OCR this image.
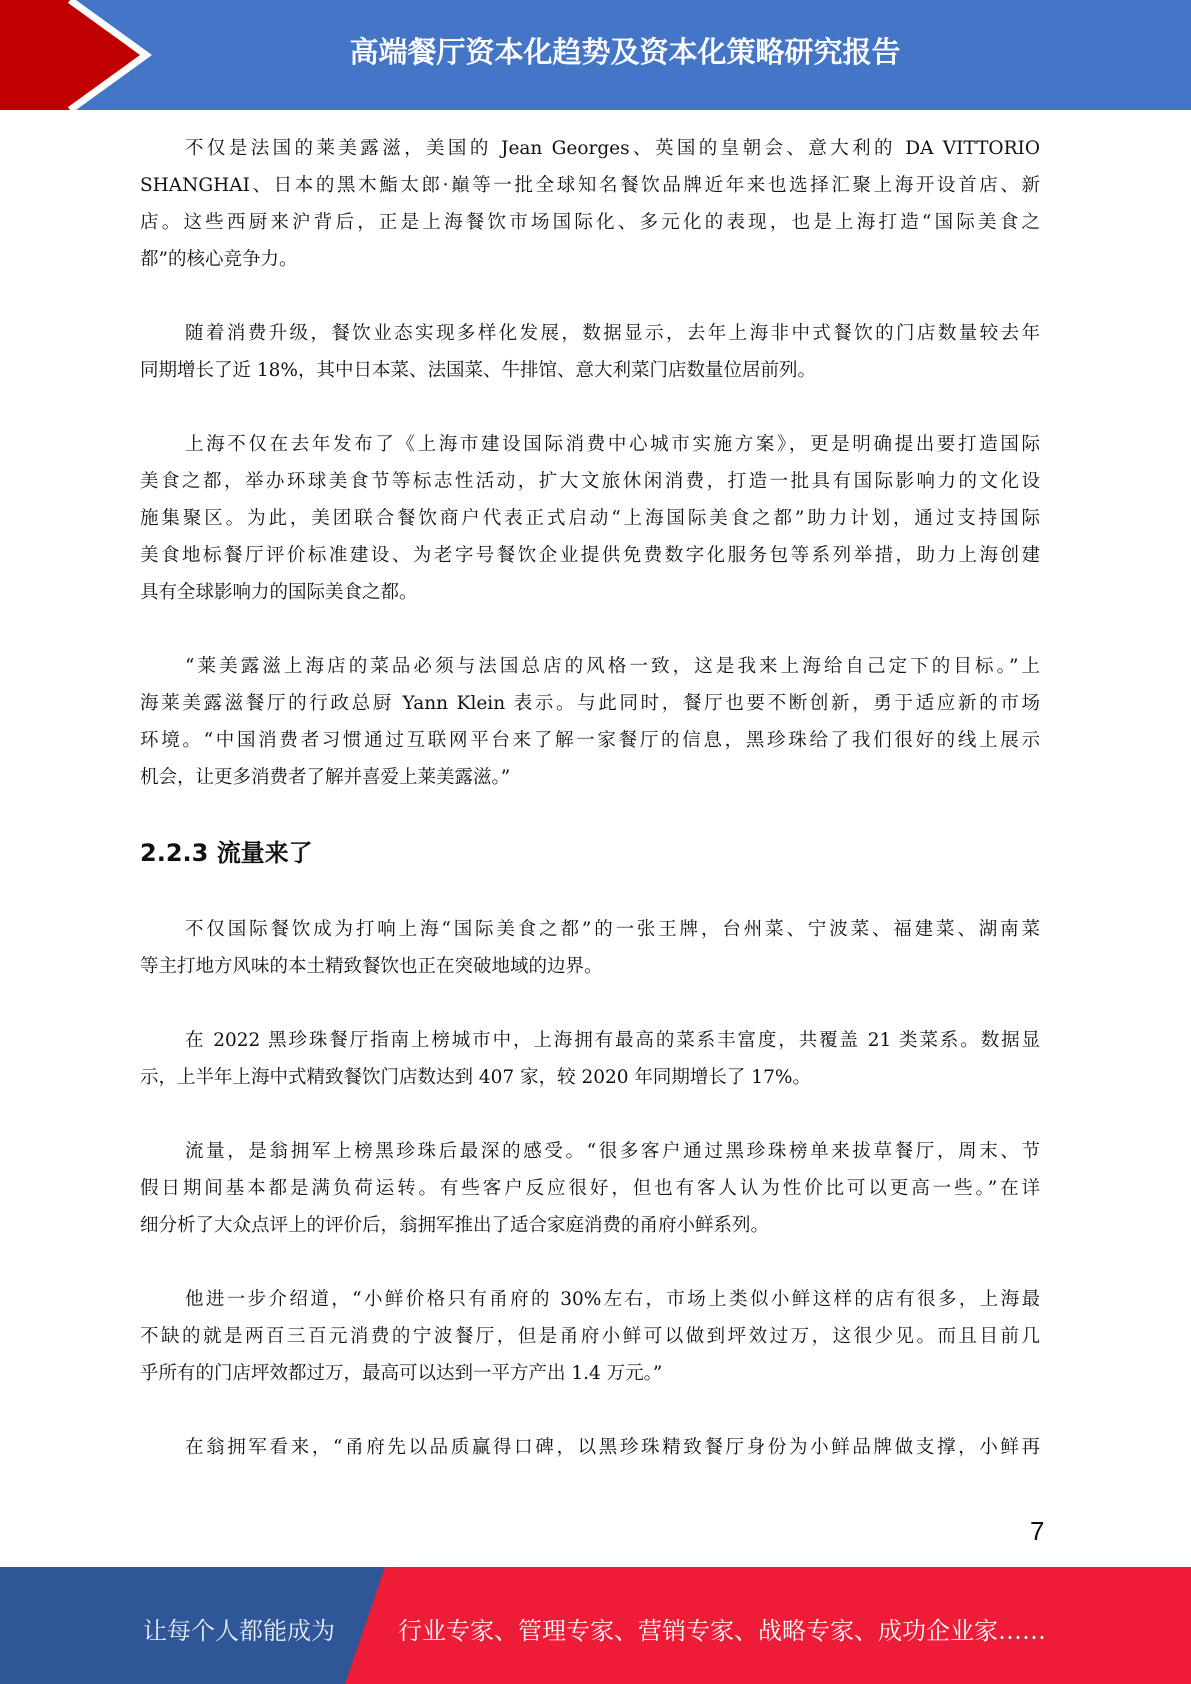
高端餐厅资本化趋势及资本化策略研究报告
不仅是法国的莱美露滋，美国的 Jean Georges、英国的皇朝会、意大利的 DA VITTORIO
SHANGHAI、日本的黑木鮨太郎·巔等一批全球知名餐饮品牌近年来也选择汇聚上海开设首店、新
店。这些西厨来沪背后，正是上海餐饮市场国际化、多元化的表现，也是上海打造“国际美食之
都”的核心竞争力。
随着消费升级，餐饮业态实现多样化发展，数据显示，去年上海非中式餐饮的门店数量较去年
同期增长了近 18%，其中日本菜、法国菜、牛排馆、意大利菜门店数量位居前列。
上海不仅在去年发布了《上海市建设国际消费中心城市实施方案》，更是明确提出要打造国际
美食之都，举办环球美食节等标志性活动，扩大文旅休闲消费，打造一批具有国际影响力的文化设
施集聚区。为此，美团联合餐饮商户代表正式启动“上海国际美食之都”助力计划，通过支持国际
美食地标餐厅评价标准建设、为老字号餐饮企业提供免费数字化服务包等系列举措，助力上海创建
具有全球影响力的国际美食之都。
“莱美露滋上海店的菜品必须与法国总店的风格一致，这是我来上海给自己定下的目标。”上
海莱美露滋餐厅的行政总厨 Yann Klein 表示。与此同时，餐厅也要不断创新，勇于适应新的市场
环境。“中国消费者习惯通过互联网平台来了解一家餐厅的信息，黑珍珠给了我们很好的线上展示
机会，让更多消费者了解并喜爱上莱美露滋。”
2.2.3 流量来了
不仅国际餐饮成为打响上海“国际美食之都”的一张王牌，台州菜、宁波菜、福建菜、湖南菜
等主打地方风味的本土精致餐饮也正在突破地域的边界。
在 2022 黑珍珠餐厅指南上榜城市中，上海拥有最高的菜系丰富度，共覆盖 21 类菜系。数据显
示，上半年上海中式精致餐饮门店数达到 407 家，较 2020 年同期增长了 17%。
流量，是翁拥军上榜黑珍珠后最深的感受。“很多客户通过黑珍珠榜单来拔草餐厅，周末、节
假日期间基本都是满负荷运转。有些客户反应很好，但也有客人认为性价比可以更高一些。”在详
细分析了大众点评上的评价后，翁拥军推出了适合家庭消费的甬府小鲜系列。
他进一步介绍道，“小鲜价格只有甬府的 30%左右，市场上类似小鲜这样的店有很多，上海最
不缺的就是两百三百元消费的宁波餐厅，但是甬府小鲜可以做到坪效过万，这很少见。而且目前几
乎所有的门店坪效都过万，最高可以达到一平方产出 1.4 万元。”
在翁拥军看来，“甬府先以品质赢得口碑，以黑珍珠精致餐厅身份为小鲜品牌做支撑，小鲜再
7
让每个人都能成为	行业专家、管理专家、营销专家、战略专家、成功企业家……
